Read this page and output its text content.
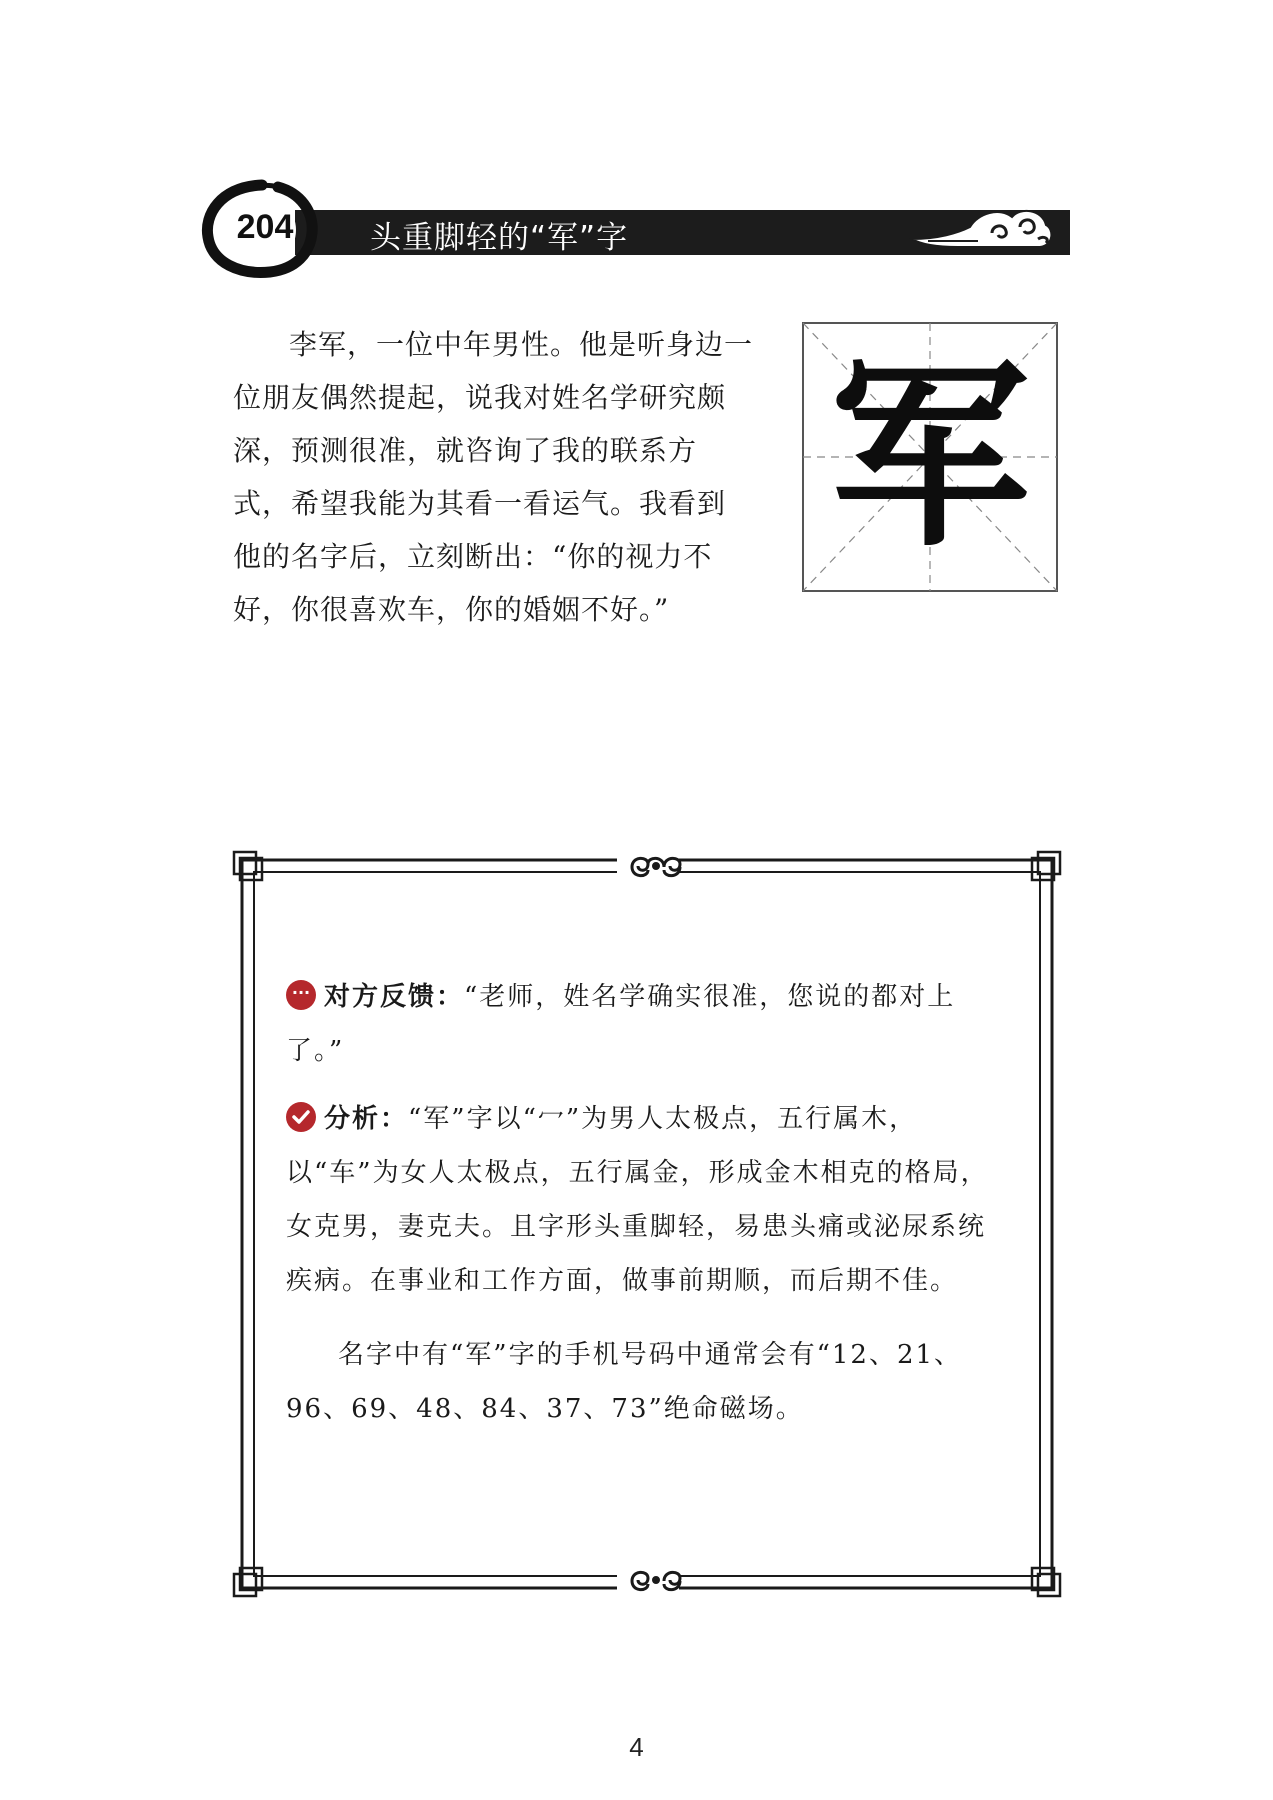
204 头重脚轻的“军”字
李军，一位中年男性。他是听身边一位朋友偶然提起，说我对姓名学研究颇深，预测很准，就咨询了我的联系方式，希望我能为其看一看运气。我看到他的名字后，立刻断出：“你的视力不好，你很喜欢车，你的婚姻不好。”
军

··· 对方反馈：“老师，姓名学确实很准，您说的都对上了。”

分析：“军”字以“冖”为男人太极点，五行属木，以“车”为女人太极点，五行属金，形成金木相克的格局，女克男，妻克夫。且字形头重脚轻，易患头痛或泌尿系统疾病。在事业和工作方面，做事前期顺，而后期不佳。

名字中有“军”字的手机号码中通常会有“12、21、96、69、48、84、37、73”绝命磁场。

4
